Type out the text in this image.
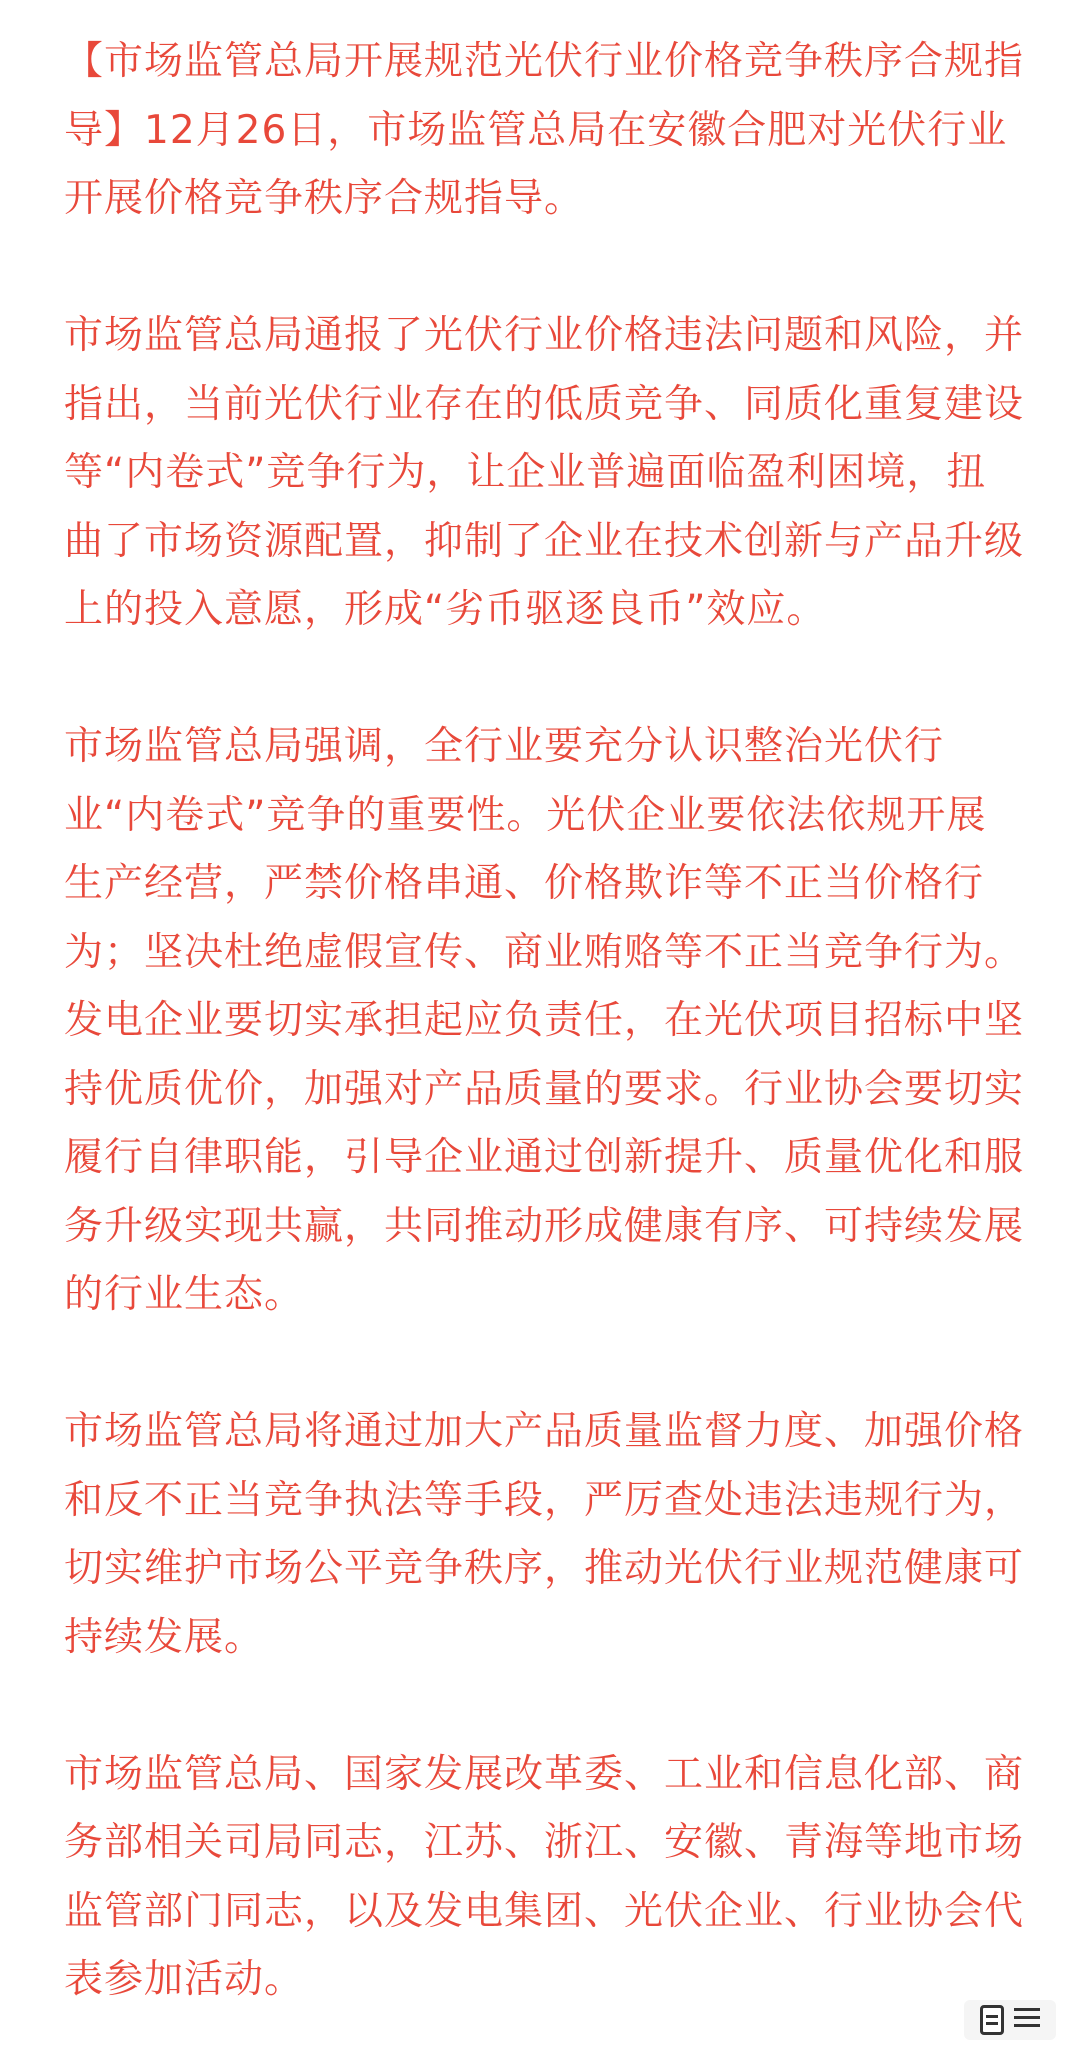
【市场监管总局开展规范光伏行业价格竞争秩序合规指导】12月26日，市场监管总局在安徽合肥对光伏行业开展价格竞争秩序合规指导。

市场监管总局通报了光伏行业价格违法问题和风险，并指出，当前光伏行业存在的低质竞争、同质化重复建设等“内卷式”竞争行为，让企业普遍面临盈利困境，扭曲了市场资源配置，抑制了企业在技术创新与产品升级上的投入意愿，形成“劣币驱逐良币”效应。

市场监管总局强调，全行业要充分认识整治光伏行业“内卷式”竞争的重要性。光伏企业要依法依规开展生产经营，严禁价格串通、价格欺诈等不正当价格行为；坚决杜绝虚假宣传、商业贿赂等不正当竞争行为。发电企业要切实承担起应负责任，在光伏项目招标中坚持优质优价，加强对产品质量的要求。行业协会要切实履行自律职能，引导企业通过创新提升、质量优化和服务升级实现共赢，共同推动形成健康有序、可持续发展的行业生态。

市场监管总局将通过加大产品质量监督力度、加强价格和反不正当竞争执法等手段，严厉查处违法违规行为，切实维护市场公平竞争秩序，推动光伏行业规范健康可持续发展。

市场监管总局、国家发展改革委、工业和信息化部、商务部相关司局同志，江苏、浙江、安徽、青海等地市场监管部门同志，以及发电集团、光伏企业、行业协会代表参加活动。
